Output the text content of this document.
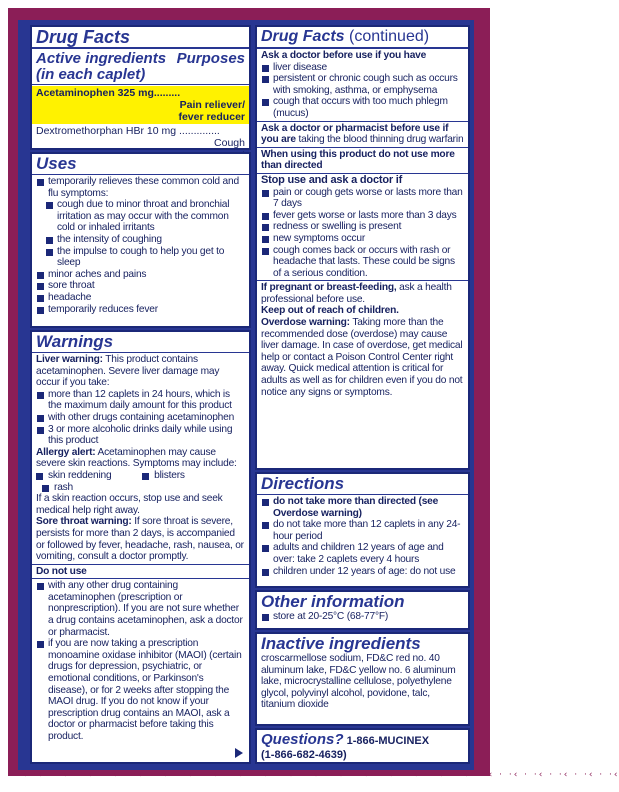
· ·‹ ·‹ · ·‹ · ·‹ · ·‹ · ·‹ · ·‹ · ·‹ · ·‹ · ·‹ · ·‹ · ·‹ · ·‹ · ·‹ · ·‹ · ·‹ · ·‹ · ·‹ · ·‹ · ·‹ · ·‹ · ·‹ · ·‹ · ·‹ · ·‹
Drug Facts
Active ingredients Purposes
(in each caplet)
Acetaminophen 325 mg.........
Pain reliever/
fever reducer
Dextromethorphan HBr 10 mg ..............
Cough
Uses
temporarily relieves these common cold and flu symptoms:
cough due to minor throat and bronchial irritation as may occur with the common cold or inhaled irritants
the intensity of coughing
the impulse to cough to help you get to sleep
minor aches and pains
sore throat
headache
temporarily reduces fever
Warnings
Liver warning: This product contains acetaminophen. Severe liver damage may occur if you take:
more than 12 caplets in 24 hours, which is the maximum daily amount for this product
with other drugs containing acetaminophen
3 or more alcoholic drinks daily while using this product
Allergy alert: Acetaminophen may cause severe skin reactions. Symptoms may include:
skin reddening	blisters rash
If a skin reaction occurs, stop use and seek medical help right away.
Sore throat warning: If sore throat is severe, persists for more than 2 days, is accompanied or followed by fever, headache, rash, nausea, or vomiting, consult a doctor promptly.
Do not use
with any other drug containing acetaminophen (prescription or nonprescription). If you are not sure whether a drug contains acetaminophen, ask a doctor or pharmacist.
if you are now taking a prescription monoamine oxidase inhibitor (MAOI) (certain drugs for depression, psychiatric, or emotional conditions, or Parkinson's disease), or for 2 weeks after stopping the MAOI drug. If you do not know if your prescription drug contains an MAOI, ask a doctor or pharmacist before taking this product.
Drug Facts (continued)
Ask a doctor before use if you have
liver disease
persistent or chronic cough such as occurs with smoking, asthma, or emphysema
cough that occurs with too much phlegm (mucus)
Ask a doctor or pharmacist before use if you are taking the blood thinning drug warfarin
When using this product do not use more than directed
Stop use and ask a doctor if
pain or cough gets worse or lasts more than 7 days
fever gets worse or lasts more than 3 days
redness or swelling is present
new symptoms occur
cough comes back or occurs with rash or headache that lasts. These could be signs of a serious condition.
If pregnant or breast-feeding, ask a health professional before use.
Keep out of reach of children.
Overdose warning: Taking more than the recommended dose (overdose) may cause liver damage. In case of overdose, get medical help or contact a Poison Control Center right away. Quick medical attention is critical for adults as well as for children even if you do not notice any signs or symptoms.
Directions
do not take more than directed (see Overdose warning)
do not take more than 12 caplets in any 24-hour period
adults and children 12 years of age and over: take 2 caplets every 4 hours
children under 12 years of age: do not use
Other information
store at 20-25°C (68-77°F)
Inactive ingredients
croscarmellose sodium, FD&C red no. 40 aluminum lake, FD&C yellow no. 6 aluminum lake, microcrystalline cellulose, polyethylene glycol, polyvinyl alcohol, povidone, talc, titanium dioxide
Questions? 1-866-MUCINEX
(1-866-682-4639)
